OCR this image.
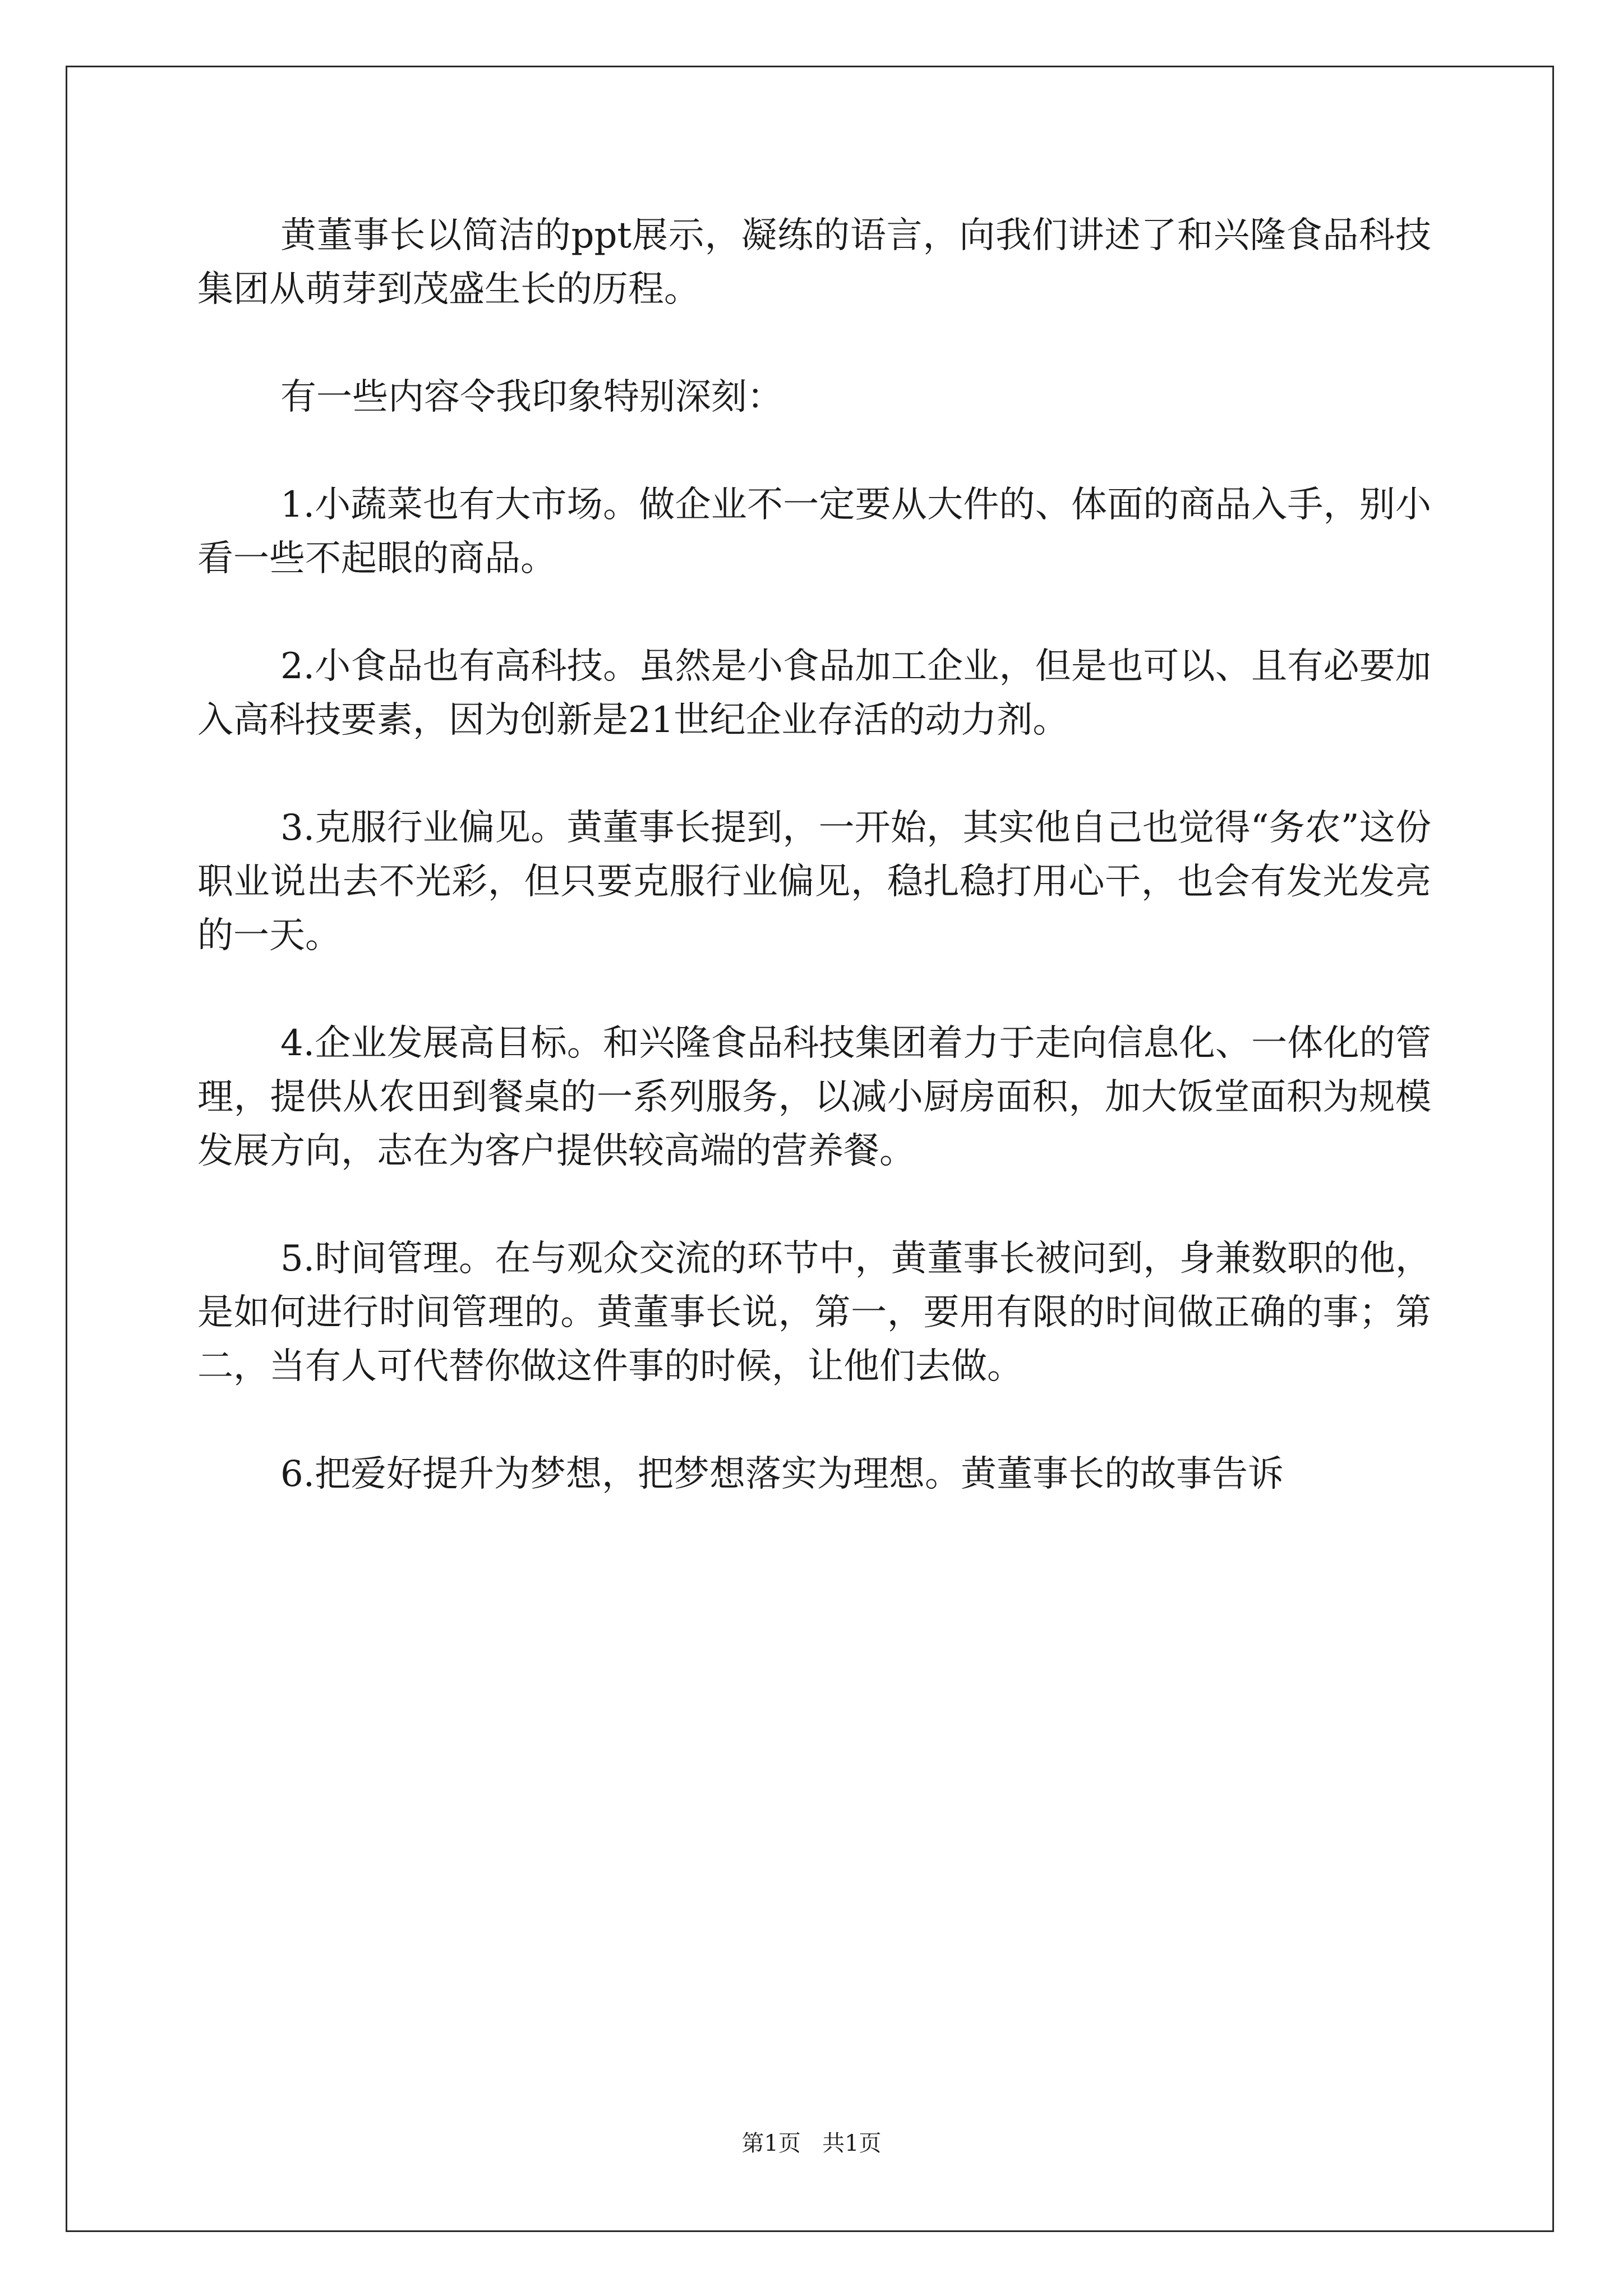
黄董事长以简洁的ppt展示，凝练的语言，向我们讲述了和兴隆食品科技集团从萌芽到茂盛生长的历程。

有一些内容令我印象特别深刻：

1.小蔬菜也有大市场。做企业不一定要从大件的、体面的商品入手，别小看一些不起眼的商品。

2.小食品也有高科技。虽然是小食品加工企业，但是也可以、且有必要加入高科技要素，因为创新是21世纪企业存活的动力剂。

3.克服行业偏见。黄董事长提到，一开始，其实他自己也觉得“务农”这份职业说出去不光彩，但只要克服行业偏见，稳扎稳打用心干，也会有发光发亮的一天。

4.企业发展高目标。和兴隆食品科技集团着力于走向信息化、一体化的管理，提供从农田到餐桌的一系列服务，以减小厨房面积，加大饭堂面积为规模发展方向，志在为客户提供较高端的营养餐。

5.时间管理。在与观众交流的环节中，黄董事长被问到，身兼数职的他，是如何进行时间管理的。黄董事长说，第一，要用有限的时间做正确的事；第二，当有人可代替你做这件事的时候，让他们去做。

6.把爱好提升为梦想，把梦想落实为理想。黄董事长的故事告诉

第1页 共1页
